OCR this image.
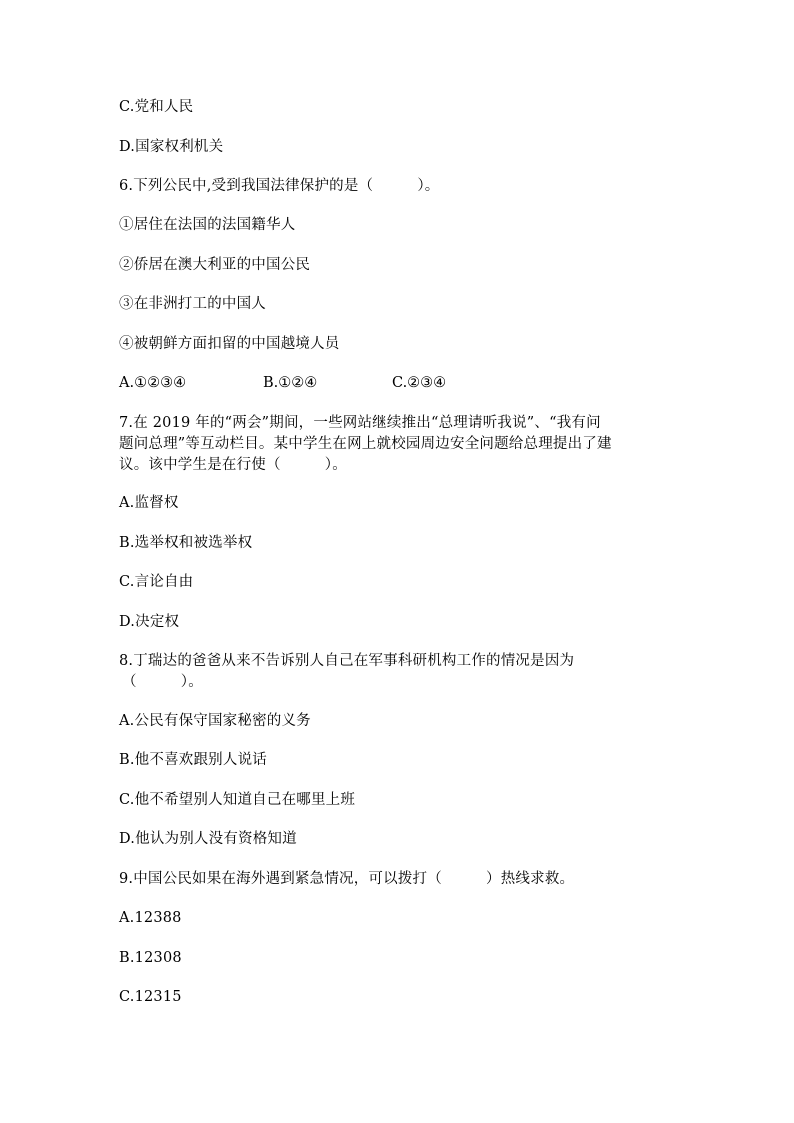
C.党和人民
D.国家权利机关
6.下列公民中,受到我国法律保护的是（　　　）。
①居住在法国的法国籍华人
②侨居在澳大利亚的中国公民
③在非洲打工的中国人
④被朝鲜方面扣留的中国越境人员
A.①②③④	B.①②④	C.②③④
7.在 2019 年的“两会”期间，一些网站继续推出“总理请听我说”、“我有问
题问总理”等互动栏目。某中学生在网上就校园周边安全问题给总理提出了建
议。该中学生是在行使（　　　）。
A.监督权
B.选举权和被选举权
C.言论自由
D.决定权
8.丁瑞达的爸爸从来不告诉别人自己在军事科研机构工作的情况是因为
（　　　）。
A.公民有保守国家秘密的义务
B.他不喜欢跟别人说话
C.他不希望别人知道自己在哪里上班
D.他认为别人没有资格知道
9.中国公民如果在海外遇到紧急情况，可以拨打（　　　）热线求救。
A.12388
B.12308
C.12315
